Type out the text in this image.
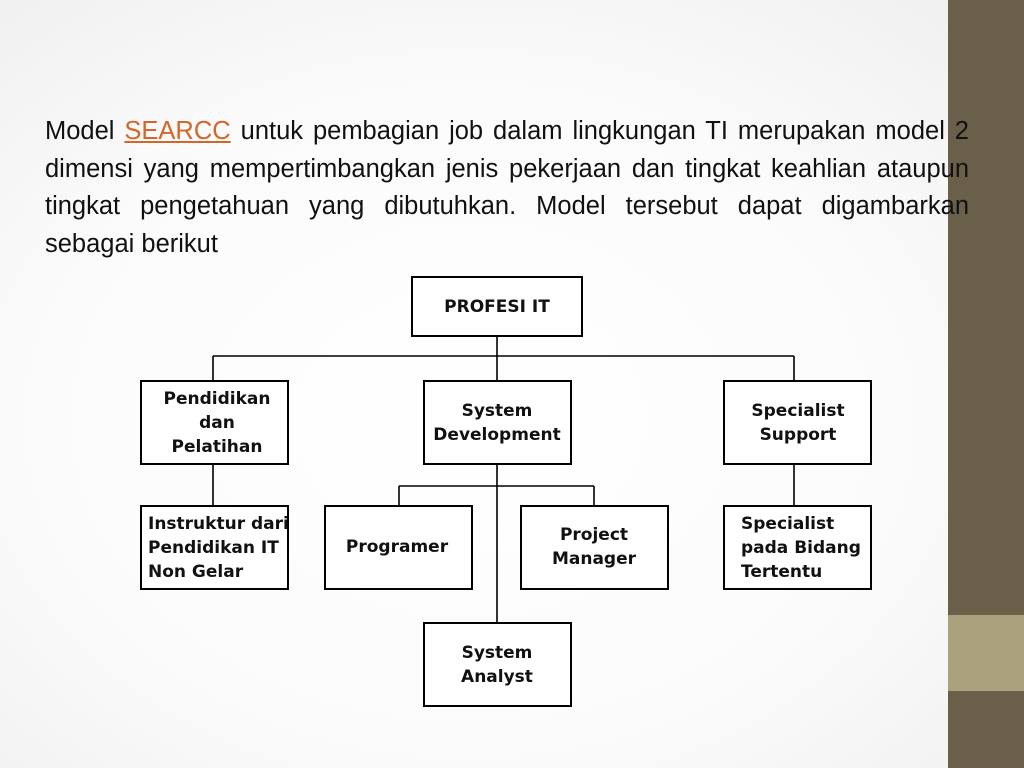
Model SEARCC untuk pembagian job dalam lingkungan TI merupakan model 2 dimensi yang mempertimbangkan jenis pekerjaan dan tingkat keahlian ataupun tingkat pengetahuan yang dibutuhkan. Model tersebut dapat digambarkan sebagai berikut

PROFESI IT
Pendidikan dan Pelatihan
System Development
Specialist Support
Instruktur dari Pendidikan IT Non Gelar
Programer
Project Manager
Specialist pada Bidang Tertentu
System Analyst
